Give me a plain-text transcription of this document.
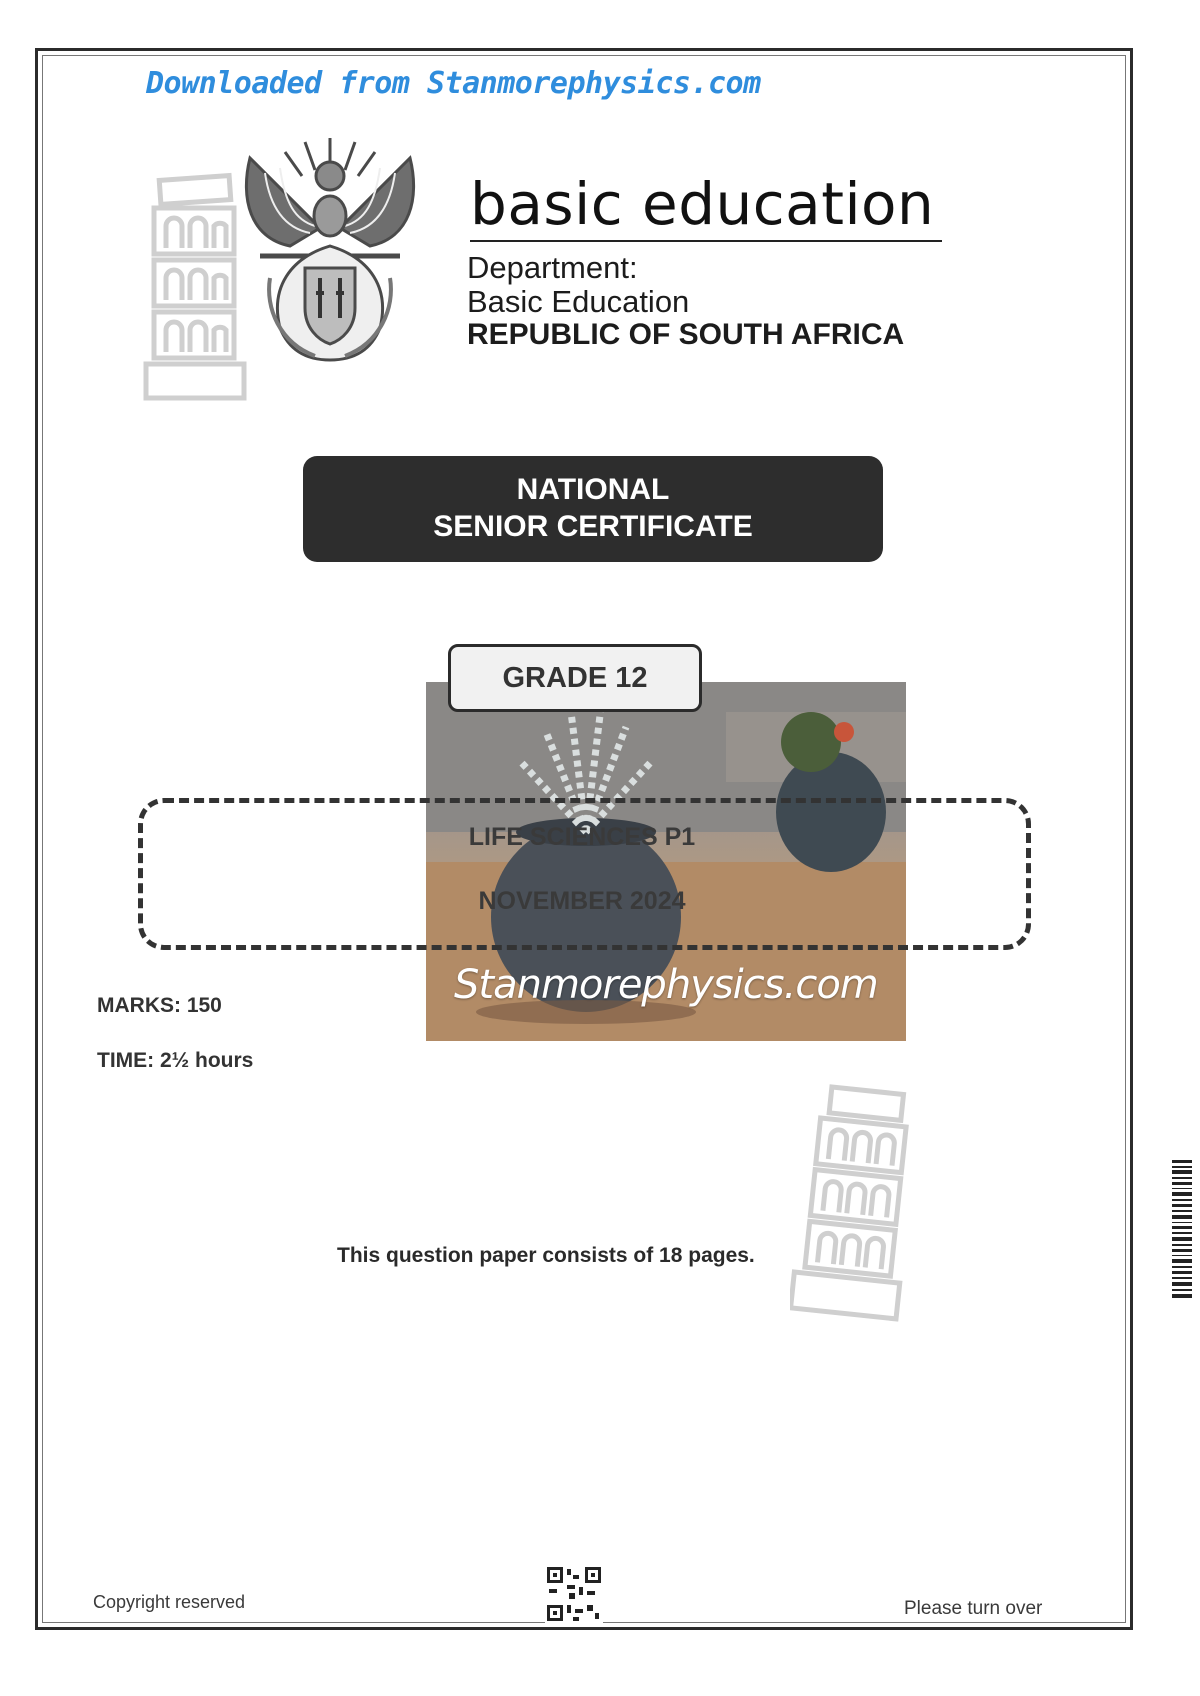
Downloaded from Stanmorephysics.com
basic education
Department:
Basic Education
REPUBLIC OF SOUTH AFRICA
NATIONAL
SENIOR CERTIFICATE
GRADE 12
LIFE SCIENCES P1
NOVEMBER 2024
Stanmorephysics.com
MARKS: 150
TIME: 2½ hours
This question paper consists of 18 pages.
Copyright reserved	Please turn over
